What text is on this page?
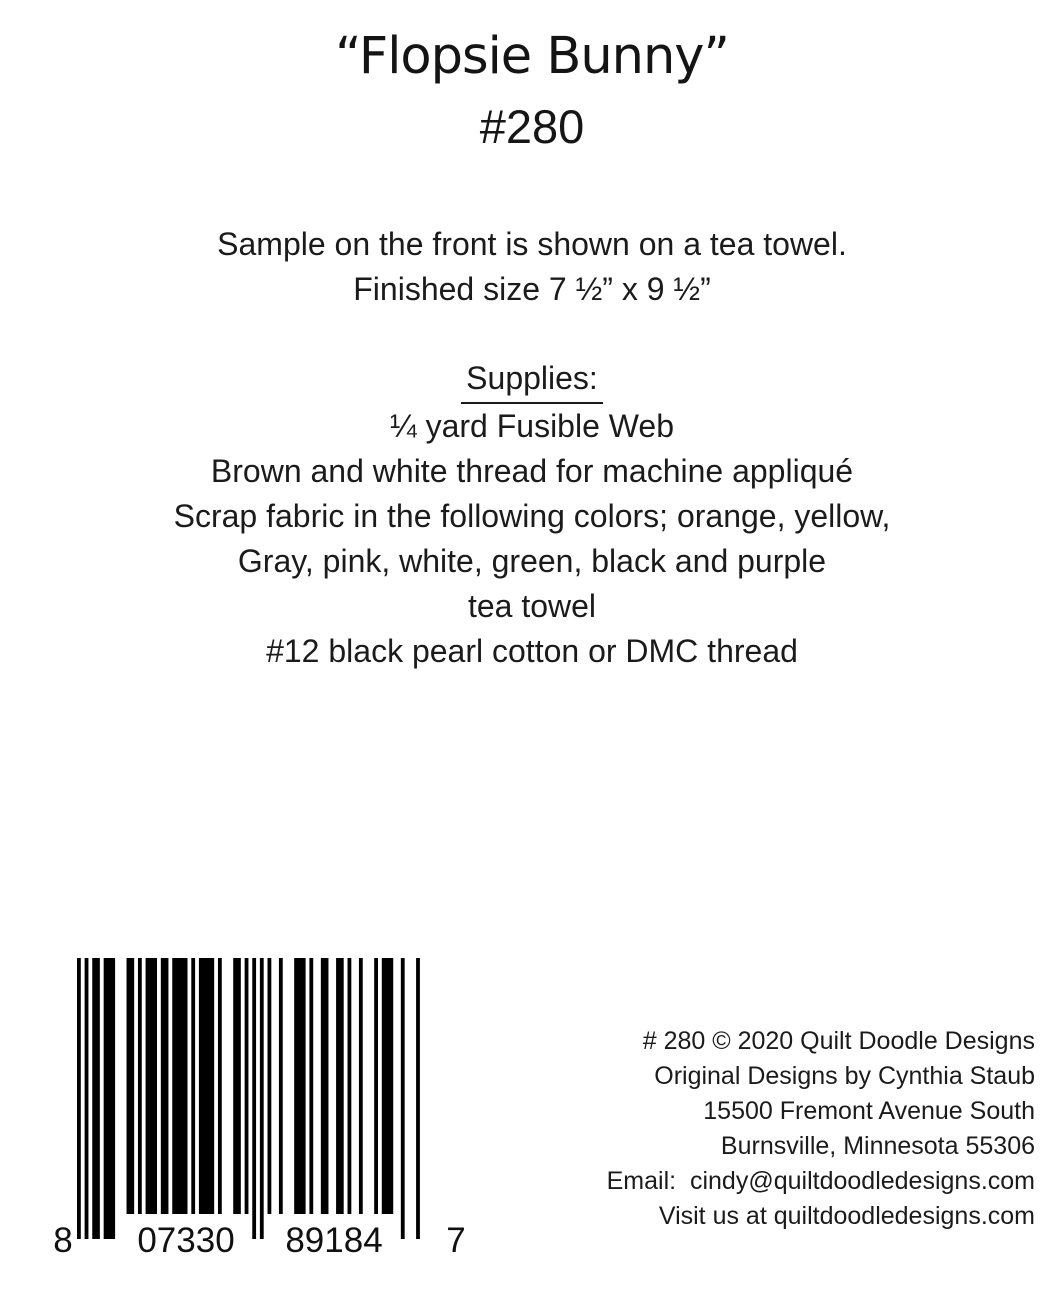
“Flopsie Bunny”
#280
Sample on the front is shown on a tea towel.
Finished size 7 ½” x 9 ½”
Supplies:
¼ yard Fusible Web
Brown and white thread for machine appliqué
Scrap fabric in the following colors; orange, yellow,
Gray, pink, white, green, black and purple
tea towel
#12 black pearl cotton or DMC thread
8 07330 89184 7
# 280 © 2020 Quilt Doodle Designs
Original Designs by Cynthia Staub
15500 Fremont Avenue South
Burnsville, Minnesota 55306
Email:  cindy@quiltdoodledesigns.com
Visit us at quiltdoodledesigns.com
